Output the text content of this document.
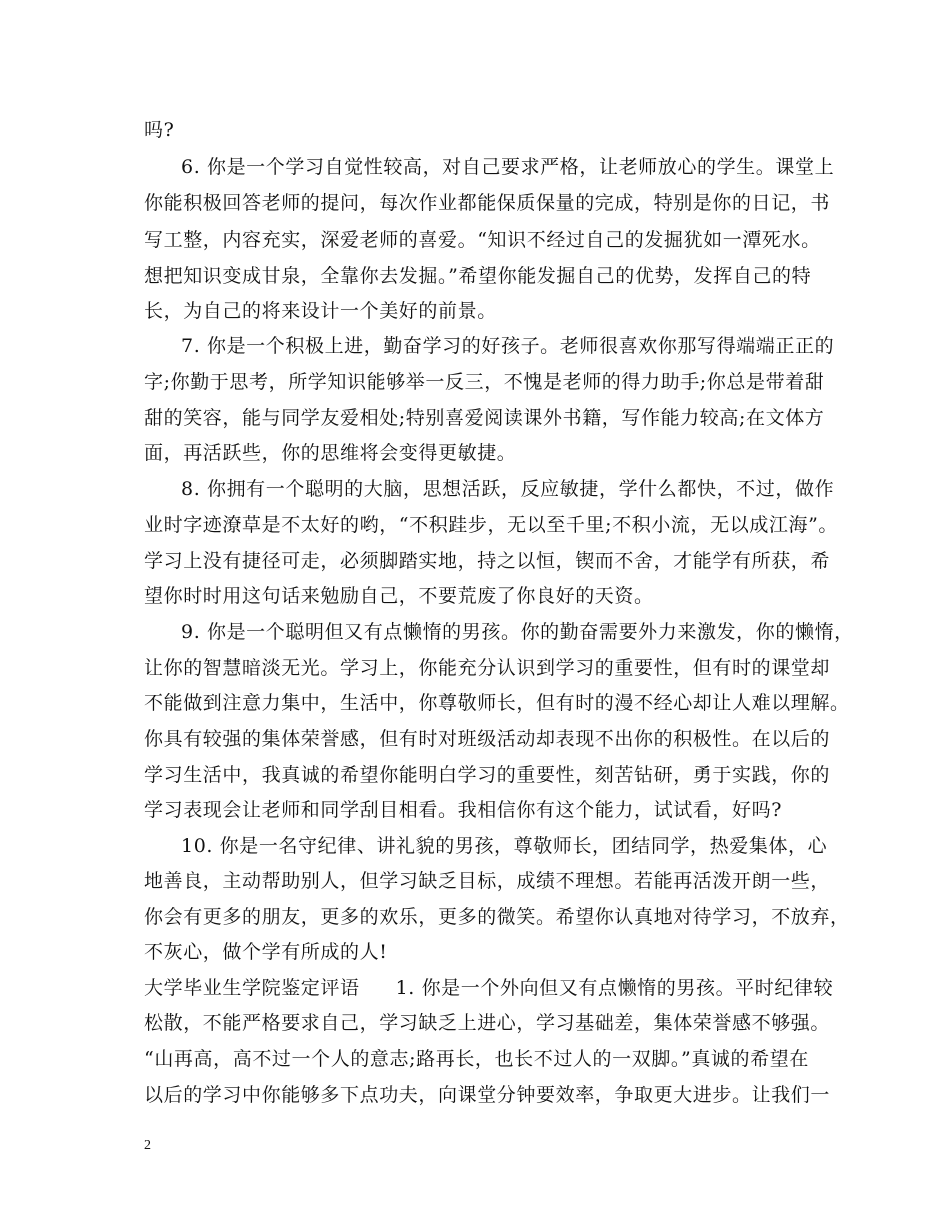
吗?
6. 你是一个学习自觉性较高，对自己要求严格，让老师放心的学生。课堂上
你能积极回答老师的提问，每次作业都能保质保量的完成，特别是你的日记，书
写工整，内容充实，深爱老师的喜爱。“知识不经过自己的发掘犹如一潭死水。
想把知识变成甘泉，全靠你去发掘。”希望你能发掘自己的优势，发挥自己的特
长，为自己的将来设计一个美好的前景。
7. 你是一个积极上进，勤奋学习的好孩子。老师很喜欢你那写得端端正正的
字;你勤于思考，所学知识能够举一反三，不愧是老师的得力助手;你总是带着甜
甜的笑容，能与同学友爱相处;特别喜爱阅读课外书籍，写作能力较高;在文体方
面，再活跃些，你的思维将会变得更敏捷。
8. 你拥有一个聪明的大脑，思想活跃，反应敏捷，学什么都快，不过，做作
业时字迹潦草是不太好的哟，“不积跬步，无以至千里;不积小流，无以成江海”。
学习上没有捷径可走，必须脚踏实地，持之以恒，锲而不舍，才能学有所获，希
望你时时用这句话来勉励自己，不要荒废了你良好的天资。
9. 你是一个聪明但又有点懒惰的男孩。你的勤奋需要外力来激发，你的懒惰，
让你的智慧暗淡无光。学习上，你能充分认识到学习的重要性，但有时的课堂却
不能做到注意力集中，生活中，你尊敬师长，但有时的漫不经心却让人难以理解。
你具有较强的集体荣誉感，但有时对班级活动却表现不出你的积极性。在以后的
学习生活中，我真诚的希望你能明白学习的重要性，刻苦钻研，勇于实践，你的
学习表现会让老师和同学刮目相看。我相信你有这个能力，试试看，好吗?
10. 你是一名守纪律、讲礼貌的男孩，尊敬师长，团结同学，热爱集体，心
地善良，主动帮助别人，但学习缺乏目标，成绩不理想。若能再活泼开朗一些，
你会有更多的朋友，更多的欢乐，更多的微笑。希望你认真地对待学习，不放弃，
不灰心，做个学有所成的人!
大学毕业生学院鉴定评语 1. 你是一个外向但又有点懒惰的男孩。平时纪律较
松散，不能严格要求自己，学习缺乏上进心，学习基础差，集体荣誉感不够强。
“山再高，高不过一个人的意志;路再长，也长不过人的一双脚。”真诚的希望在
以后的学习中你能够多下点功夫，向课堂分钟要效率，争取更大进步。让我们一
2
